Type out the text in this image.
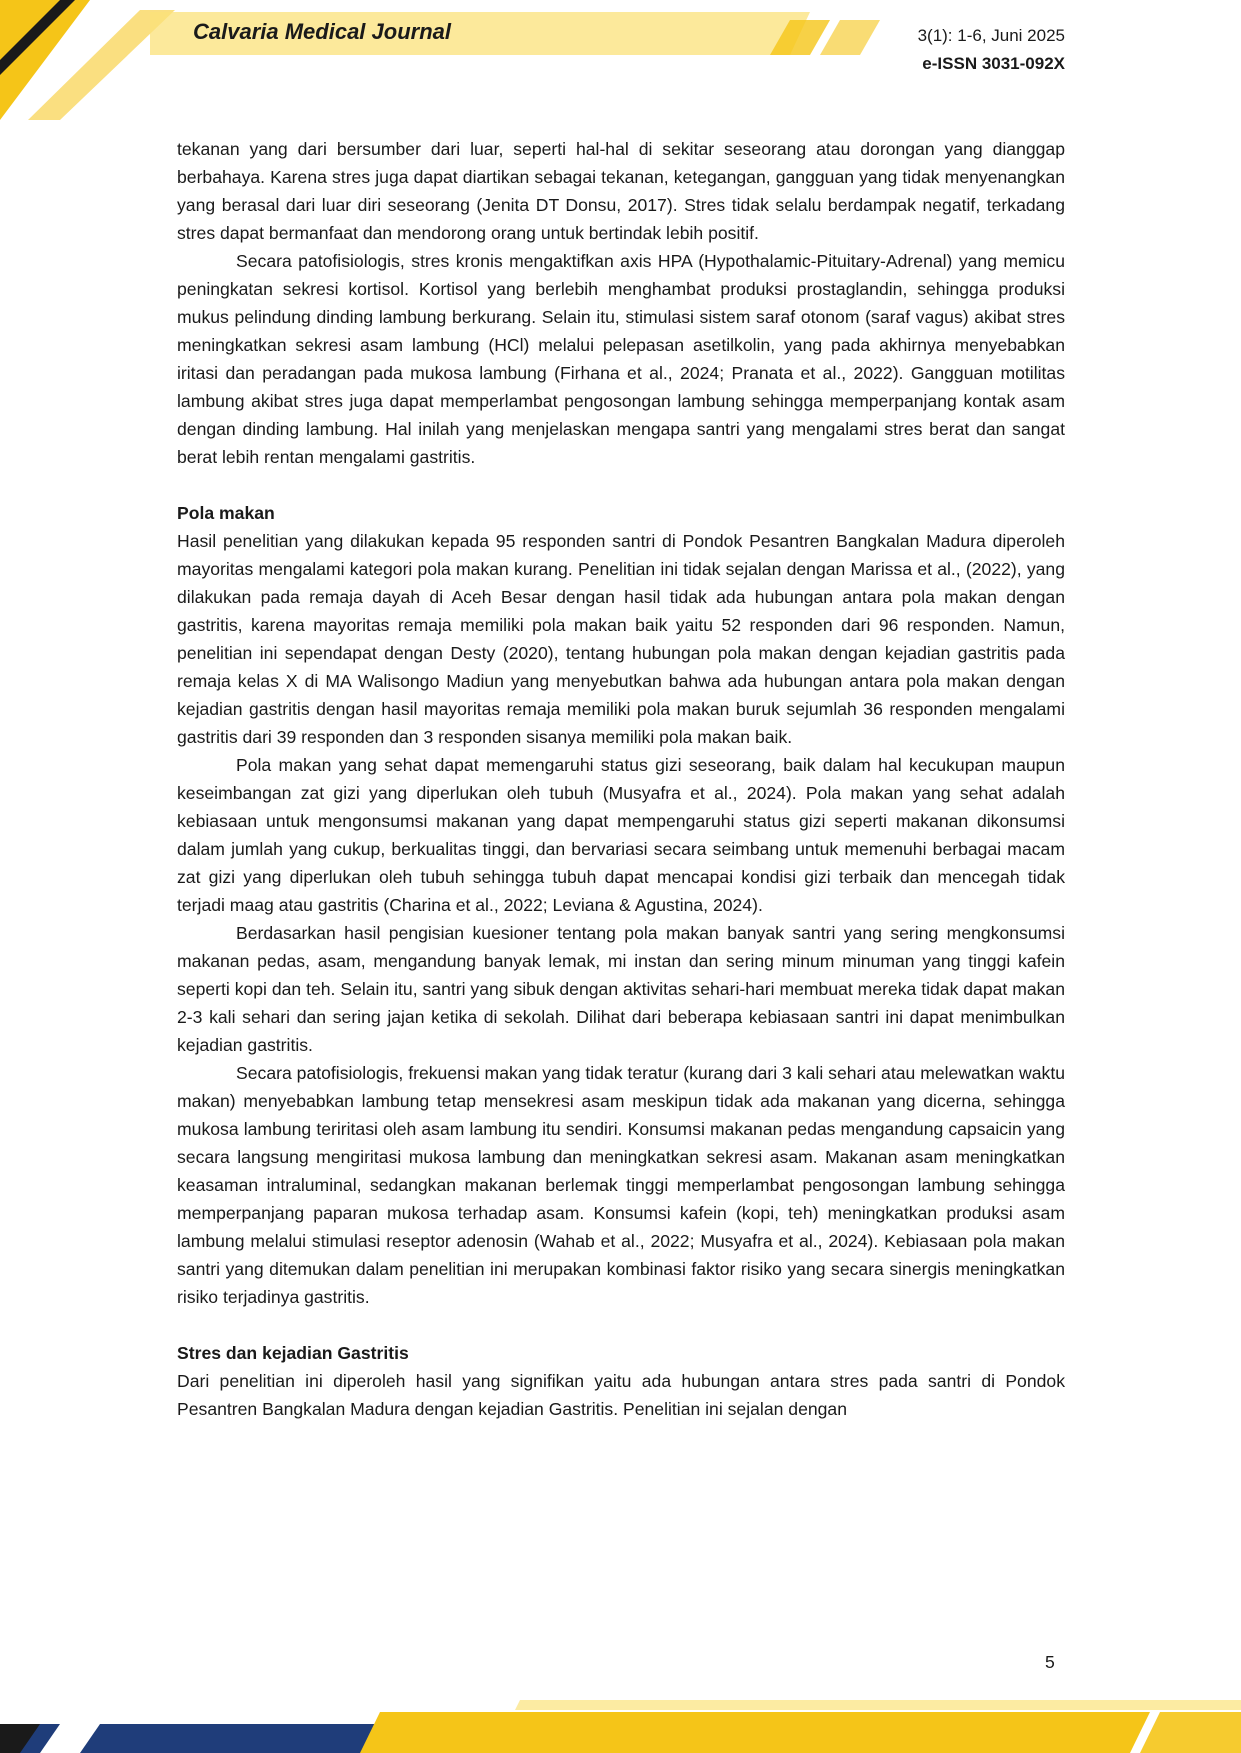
Calvaria Medical Journal	3(1): 1-6, Juni 2025
e-ISSN 3031-092X

tekanan yang dari bersumber dari luar, seperti hal-hal di sekitar seseorang atau dorongan yang dianggap berbahaya. Karena stres juga dapat diartikan sebagai tekanan, ketegangan, gangguan yang tidak menyenangkan yang berasal dari luar diri seseorang (Jenita DT Donsu, 2017). Stres tidak selalu berdampak negatif, terkadang stres dapat bermanfaat dan mendorong orang untuk bertindak lebih positif.

Secara patofisiologis, stres kronis mengaktifkan axis HPA (Hypothalamic-Pituitary-Adrenal) yang memicu peningkatan sekresi kortisol. Kortisol yang berlebih menghambat produksi prostaglandin, sehingga produksi mukus pelindung dinding lambung berkurang. Selain itu, stimulasi sistem saraf otonom (saraf vagus) akibat stres meningkatkan sekresi asam lambung (HCl) melalui pelepasan asetilkolin, yang pada akhirnya menyebabkan iritasi dan peradangan pada mukosa lambung (Firhana et al., 2024; Pranata et al., 2022). Gangguan motilitas lambung akibat stres juga dapat memperlambat pengosongan lambung sehingga memperpanjang kontak asam dengan dinding lambung. Hal inilah yang menjelaskan mengapa santri yang mengalami stres berat dan sangat berat lebih rentan mengalami gastritis.

Pola makan

Hasil penelitian yang dilakukan kepada 95 responden santri di Pondok Pesantren Bangkalan Madura diperoleh mayoritas mengalami kategori pola makan kurang. Penelitian ini tidak sejalan dengan Marissa et al., (2022), yang dilakukan pada remaja dayah di Aceh Besar dengan hasil tidak ada hubungan antara pola makan dengan gastritis, karena mayoritas remaja memiliki pola makan baik yaitu 52 responden dari 96 responden. Namun, penelitian ini sependapat dengan Desty (2020), tentang hubungan pola makan dengan kejadian gastritis pada remaja kelas X di MA Walisongo Madiun yang menyebutkan bahwa ada hubungan antara pola makan dengan kejadian gastritis dengan hasil mayoritas remaja memiliki pola makan buruk sejumlah 36 responden mengalami gastritis dari 39 responden dan 3 responden sisanya memiliki pola makan baik.

Pola makan yang sehat dapat memengaruhi status gizi seseorang, baik dalam hal kecukupan maupun keseimbangan zat gizi yang diperlukan oleh tubuh (Musyafra et al., 2024). Pola makan yang sehat adalah kebiasaan untuk mengonsumsi makanan yang dapat mempengaruhi status gizi seperti makanan dikonsumsi dalam jumlah yang cukup, berkualitas tinggi, dan bervariasi secara seimbang untuk memenuhi berbagai macam zat gizi yang diperlukan oleh tubuh sehingga tubuh dapat mencapai kondisi gizi terbaik dan mencegah tidak terjadi maag atau gastritis (Charina et al., 2022; Leviana & Agustina, 2024).

Berdasarkan hasil pengisian kuesioner tentang pola makan banyak santri yang sering mengkonsumsi makanan pedas, asam, mengandung banyak lemak, mi instan dan sering minum minuman yang tinggi kafein seperti kopi dan teh. Selain itu, santri yang sibuk dengan aktivitas sehari-hari membuat mereka tidak dapat makan 2-3 kali sehari dan sering jajan ketika di sekolah. Dilihat dari beberapa kebiasaan santri ini dapat menimbulkan kejadian gastritis.

Secara patofisiologis, frekuensi makan yang tidak teratur (kurang dari 3 kali sehari atau melewatkan waktu makan) menyebabkan lambung tetap mensekresi asam meskipun tidak ada makanan yang dicerna, sehingga mukosa lambung teriritasi oleh asam lambung itu sendiri. Konsumsi makanan pedas mengandung capsaicin yang secara langsung mengiritasi mukosa lambung dan meningkatkan sekresi asam. Makanan asam meningkatkan keasaman intraluminal, sedangkan makanan berlemak tinggi memperlambat pengosongan lambung sehingga memperpanjang paparan mukosa terhadap asam. Konsumsi kafein (kopi, teh) meningkatkan produksi asam lambung melalui stimulasi reseptor adenosin (Wahab et al., 2022; Musyafra et al., 2024). Kebiasaan pola makan santri yang ditemukan dalam penelitian ini merupakan kombinasi faktor risiko yang secara sinergis meningkatkan risiko terjadinya gastritis.

Stres dan kejadian Gastritis

Dari penelitian ini diperoleh hasil yang signifikan yaitu ada hubungan antara stres pada santri di Pondok Pesantren Bangkalan Madura dengan kejadian Gastritis. Penelitian ini sejalan dengan

5
